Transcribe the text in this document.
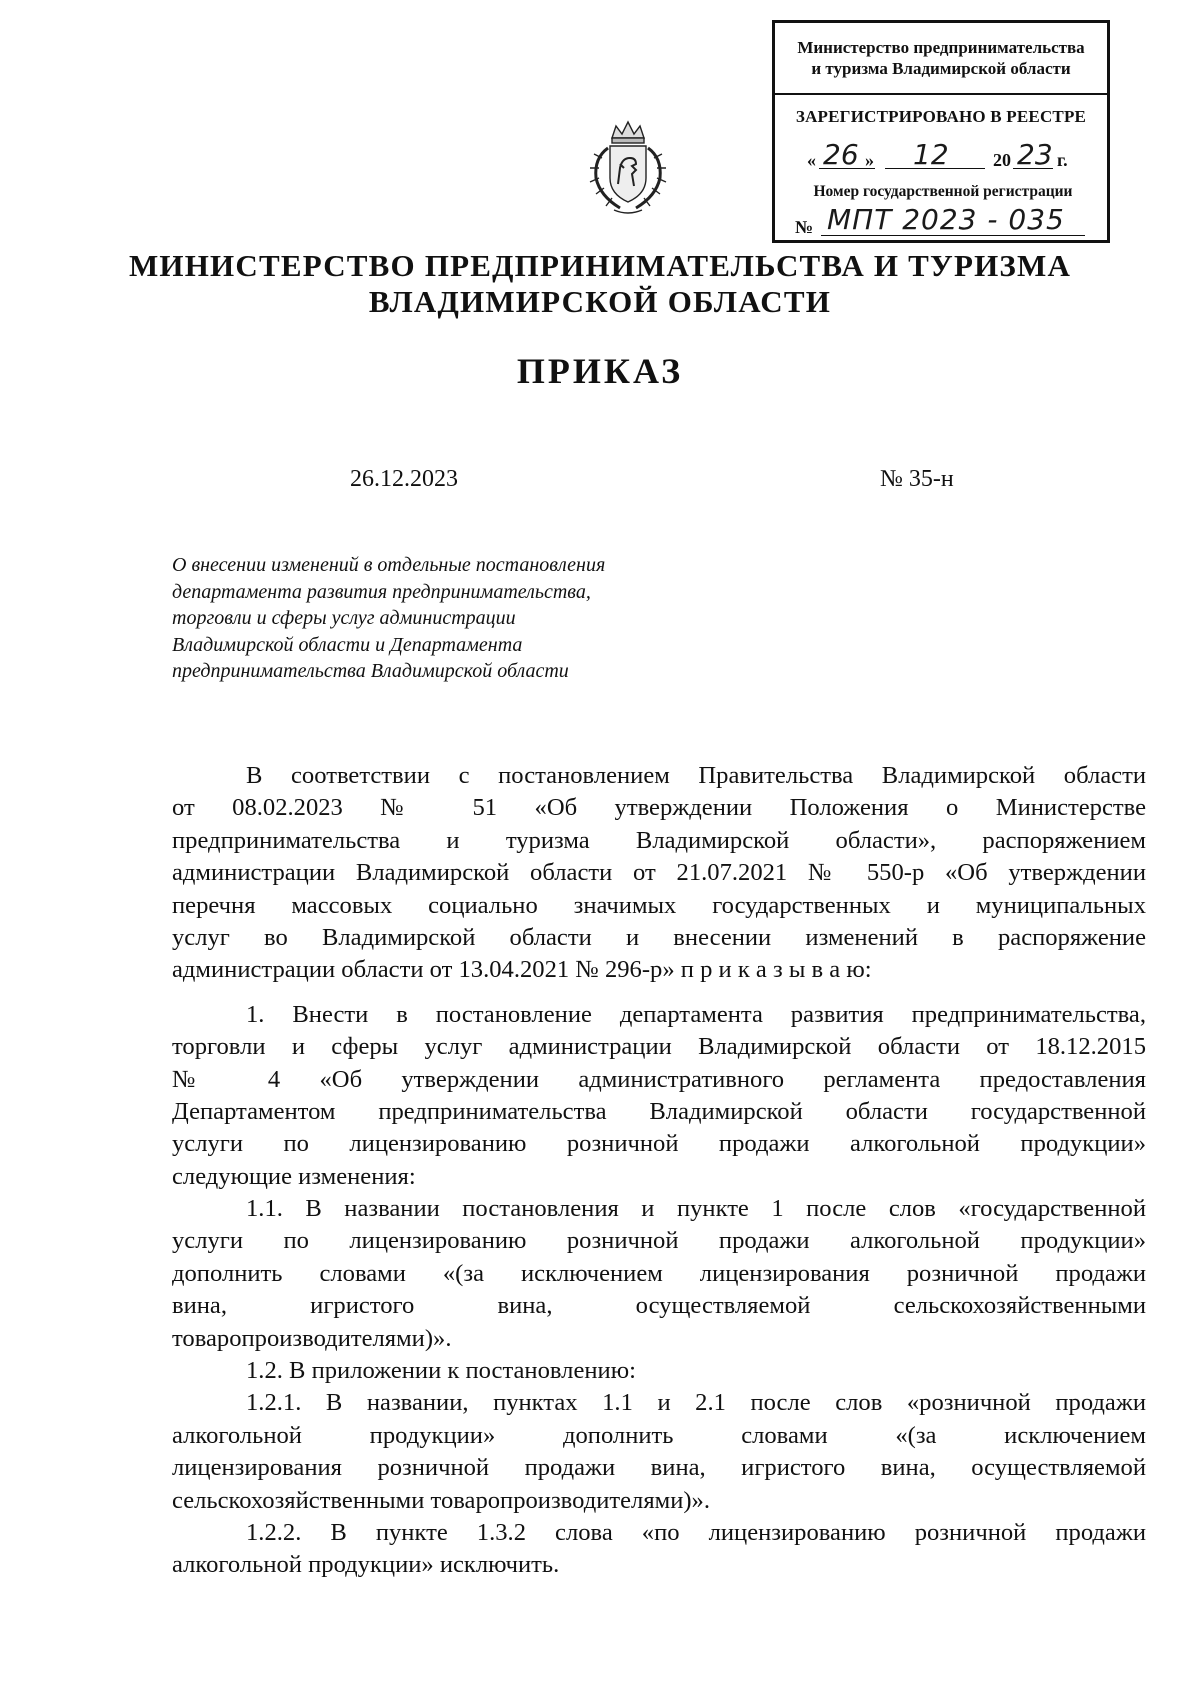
Министерство предпринимательства
и туризма Владимирской области
ЗАРЕГИСТРИРОВАНО В РЕЕСТРЕ
« 26 » 12 20 23 г.
Номер государственной регистрации
№ МПТ 2023 - 035
МИНИСТЕРСТВО ПРЕДПРИНИМАТЕЛЬСТВА И ТУРИЗМА
ВЛАДИМИРСКОЙ ОБЛАСТИ
ПРИКАЗ
26.12.2023	№ 35-н
О внесении изменений в отдельные постановления
департамента развития предпринимательства,
торговли и сферы услуг администрации
Владимирской области и Департамента
предпринимательства Владимирской области
В соответствии с постановлением Правительства Владимирской области
от 08.02.2023 № 51 «Об утверждении Положения о Министерстве
предпринимательства и туризма Владимирской области», распоряжением
администрации Владимирской области от 21.07.2021 № 550-р «Об утверждении
перечня массовых социально значимых государственных и муниципальных
услуг во Владимирской области и внесении изменений в распоряжение
администрации области от 13.04.2021 № 296-р» п р и к а з ы в а ю:
1. Внести в постановление департамента развития предпринимательства,
торговли и сферы услуг администрации Владимирской области от 18.12.2015
№ 4 «Об утверждении административного регламента предоставления
Департаментом предпринимательства Владимирской области государственной
услуги по лицензированию розничной продажи алкогольной продукции»
следующие изменения:
1.1. В названии постановления и пункте 1 после слов «государственной
услуги по лицензированию розничной продажи алкогольной продукции»
дополнить словами «(за исключением лицензирования розничной продажи
вина, игристого вина, осуществляемой сельскохозяйственными
товаропроизводителями)».
1.2. В приложении к постановлению:
1.2.1. В названии, пунктах 1.1 и 2.1 после слов «розничной продажи
алкогольной продукции» дополнить словами «(за исключением
лицензирования розничной продажи вина, игристого вина, осуществляемой
сельскохозяйственными товаропроизводителями)».
1.2.2. В пункте 1.3.2 слова «по лицензированию розничной продажи
алкогольной продукции» исключить.
